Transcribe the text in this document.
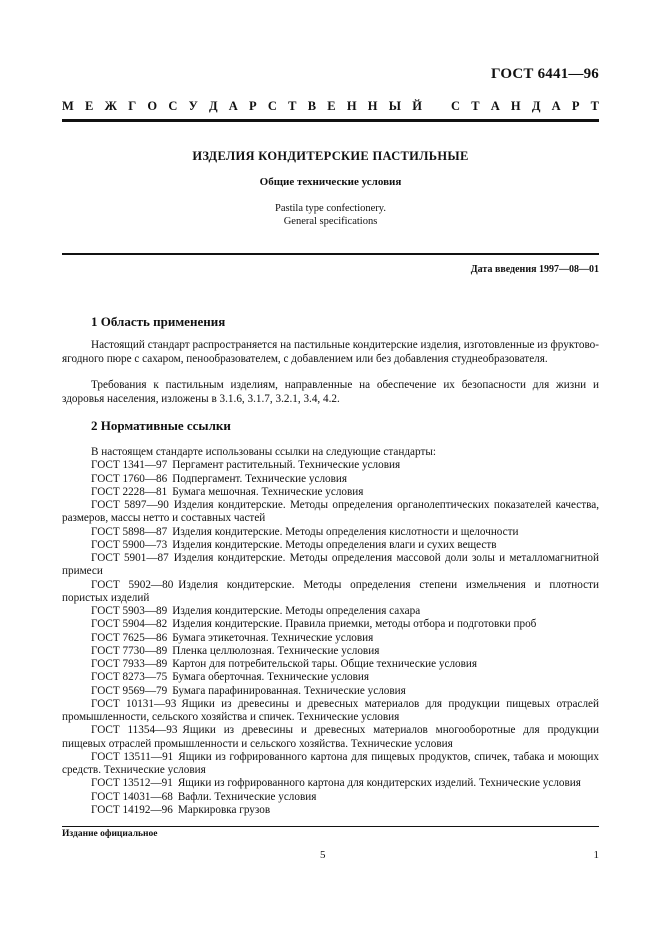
ГОСТ 6441—96
М Е Ж Г О С У Д А Р С Т В Е Н Н Ы Й С Т А Н Д А Р Т
ИЗДЕЛИЯ КОНДИТЕРСКИЕ ПАСТИЛЬНЫЕ
Общие технические условия
Pastila type confectionery.
General specifications
Дата введения 1997—08—01
1 Область применения
Настоящий стандарт распространяется на пастильные кондитерские изделия, изготовленные из фруктово-ягодного пюре с сахаром, пенообразователем, с добавлением или без добавления студнеобразователя.
Требования к пастильным изделиям, направленные на обеспечение их безопасности для жизни и здоровья населения, изложены в 3.1.6, 3.1.7, 3.2.1, 3.4, 4.2.
2 Нормативные ссылки
В настоящем стандарте использованы ссылки на следующие стандарты:
ГОСТ 1341—97 Пергамент растительный. Технические условия
ГОСТ 1760—86 Подпергамент. Технические условия
ГОСТ 2228—81 Бумага мешочная. Технические условия
ГОСТ 5897—90 Изделия кондитерские. Методы определения органолептических показателей качества, размеров, массы нетто и составных частей
ГОСТ 5898—87 Изделия кондитерские. Методы определения кислотности и щелочности
ГОСТ 5900—73 Изделия кондитерские. Методы определения влаги и сухих веществ
ГОСТ 5901—87 Изделия кондитерские. Методы определения массовой доли золы и металломагнитной примеси
ГОСТ 5902—80 Изделия кондитерские. Методы определения степени измельчения и плотности пористых изделий
ГОСТ 5903—89 Изделия кондитерские. Методы определения сахара
ГОСТ 5904—82 Изделия кондитерские. Правила приемки, методы отбора и подготовки проб
ГОСТ 7625—86 Бумага этикеточная. Технические условия
ГОСТ 7730—89 Пленка целлюлозная. Технические условия
ГОСТ 7933—89 Картон для потребительской тары. Общие технические условия
ГОСТ 8273—75 Бумага оберточная. Технические условия
ГОСТ 9569—79 Бумага парафинированная. Технические условия
ГОСТ 10131—93 Ящики из древесины и древесных материалов для продукции пищевых отраслей промышленности, сельского хозяйства и спичек. Технические условия
ГОСТ 11354—93 Ящики из древесины и древесных материалов многооборотные для продукции пищевых отраслей промышленности и сельского хозяйства. Технические условия
ГОСТ 13511—91 Ящики из гофрированного картона для пищевых продуктов, спичек, табака и моющих средств. Технические условия
ГОСТ 13512—91 Ящики из гофрированного картона для кондитерских изделий. Технические условия
ГОСТ 14031—68 Вафли. Технические условия
ГОСТ 14192—96 Маркировка грузов
Издание официальное
5	1
